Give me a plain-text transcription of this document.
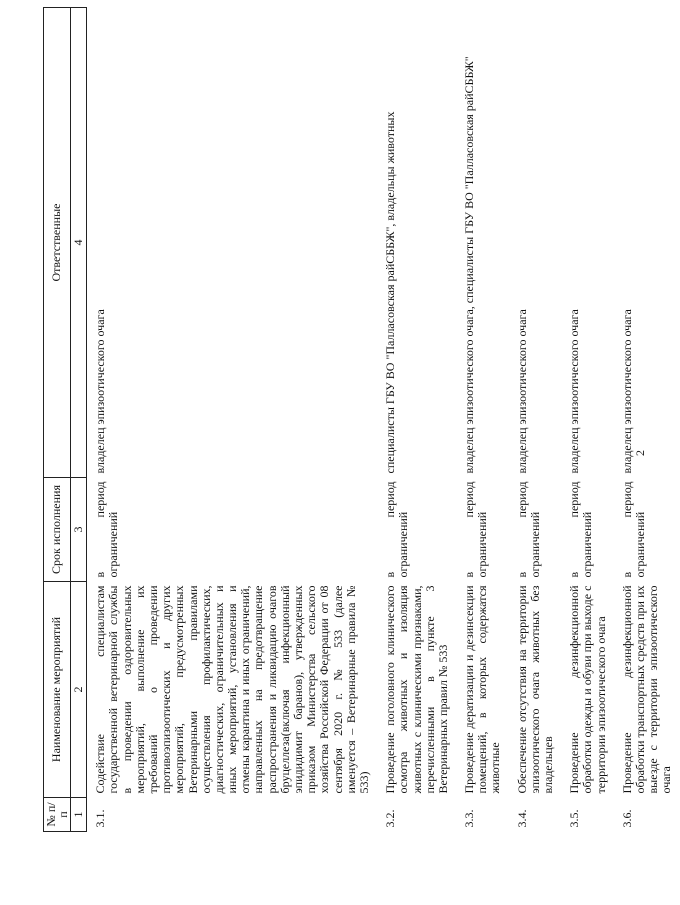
2
№ п/п	Наименование мероприятий	Срок исполнения	Ответственные
1	2	3	4
3.1.	Содействие специалистам государственной ветеринарной службы в проведении оздоровительных мероприятий, выполнение их требований о проведении противоэпизоотических и других мероприятий, предусмотренных Ветеринарными правилами осуществления профилактических, диагностических, ограничительных и иных мероприятий, установления и отмены карантина и иных ограничений, направленных на предотвращение распространения и ликвидацию очагов бруцеллеза(включая инфекционный эпидидимит баранов), утвержденных приказом Министерства сельского хозяйства Российской Федерации от 08 сентября 2020 г. № 533 (далее именуется – Ветеринарные правила № 533)	в период ограничений	владелец эпизоотического очага
3.2.	Проведение поголовного клинического осмотра животных и изоляция животных с клиническими признаками, перечисленными в пункте 3 Ветеринарных правил № 533	в период ограничений	специалисты ГБУ ВО "Палласовская райСББЖ", владельцы животных
3.3.	Проведение дератизации и дезинсекции помещений, в которых содержатся животные	в период ограничений	владелец эпизоотического очага, специалисты ГБУ ВО "Палласовская райСББЖ"
3.4.	Обеспечение отсутствия на территории эпизоотического очага животных без владельцев	в период ограничений	владелец эпизоотического очага
3.5.	Проведение дезинфекционной обработки одежды и обуви при выходе с территории эпизоотического очага	в период ограничений	владелец эпизоотического очага
3.6.	Проведение дезинфекционной обработки транспортных средств при их выезде с территории эпизоотического очага	в период ограничений	владелец эпизоотического очага
